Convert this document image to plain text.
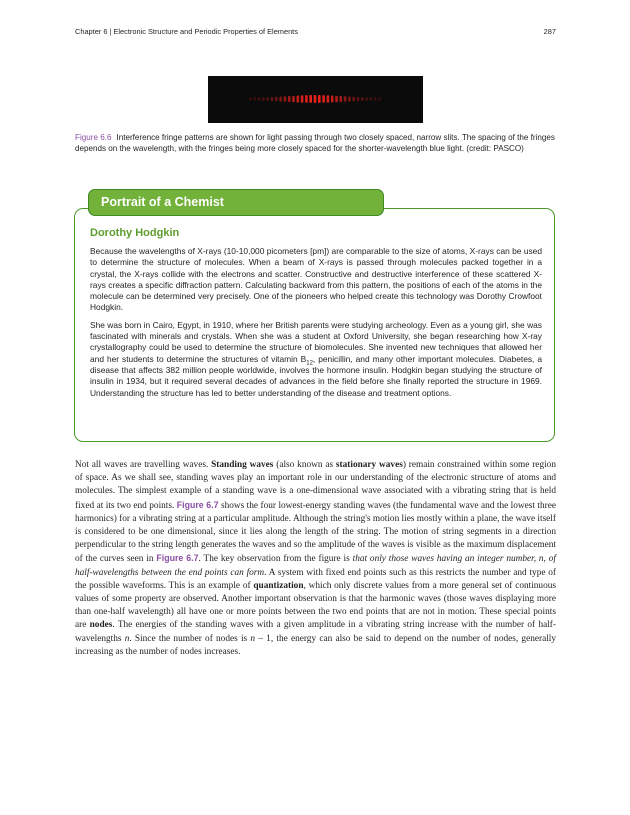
Chapter 6 | Electronic Structure and Periodic Properties of Elements	287
Figure 6.6 Interference fringe patterns are shown for light passing through two closely spaced, narrow slits. The spacing of the fringes depends on the wavelength, with the fringes being more closely spaced for the shorter-wavelength blue light. (credit: PASCO)
Portrait of a Chemist
Dorothy Hodgkin

Because the wavelengths of X-rays (10-10,000 picometers [pm]) are comparable to the size of atoms, X-rays can be used to determine the structure of molecules. When a beam of X-rays is passed through molecules packed together in a crystal, the X-rays collide with the electrons and scatter. Constructive and destructive interference of these scattered X-rays creates a specific diffraction pattern. Calculating backward from this pattern, the positions of each of the atoms in the molecule can be determined very precisely. One of the pioneers who helped create this technology was Dorothy Crowfoot Hodgkin.

She was born in Cairo, Egypt, in 1910, where her British parents were studying archeology. Even as a young girl, she was fascinated with minerals and crystals. When she was a student at Oxford University, she began researching how X-ray crystallography could be used to determine the structure of biomolecules. She invented new techniques that allowed her and her students to determine the structures of vitamin $B_{12}$, penicillin, and many other important molecules. Diabetes, a disease that affects 382 million people worldwide, involves the hormone insulin. Hodgkin began studying the structure of insulin in 1934, but it required several decades of advances in the field before she finally reported the structure in 1969. Understanding the structure has led to better understanding of the disease and treatment options.

Not all waves are travelling waves. Standing waves (also known as stationary waves) remain constrained within some region of space. As we shall see, standing waves play an important role in our understanding of the electronic structure of atoms and molecules. The simplest example of a standing wave is a one-dimensional wave associated with a vibrating string that is held fixed at its two end points. Figure 6.7 shows the four lowest-energy standing waves (the fundamental wave and the lowest three harmonics) for a vibrating string at a particular amplitude. Although the string's motion lies mostly within a plane, the wave itself is considered to be one dimensional, since it lies along the length of the string. The motion of string segments in a direction perpendicular to the string length generates the waves and so the amplitude of the waves is visible as the maximum displacement of the curves seen in Figure 6.7. The key observation from the figure is that only those waves having an integer number, n, of half-wavelengths between the end points can form. A system with fixed end points such as this restricts the number and type of the possible waveforms. This is an example of quantization, which only discrete values from a more general set of continuous values of some property are observed. Another important observation is that the harmonic waves (those waves displaying more than one-half wavelength) all have one or more points between the two end points that are not in motion. These special points are nodes. The energies of the standing waves with a given amplitude in a vibrating string increase with the number of half-wavelengths n. Since the number of nodes is n – 1, the energy can also be said to depend on the number of nodes, generally increasing as the number of nodes increases.
